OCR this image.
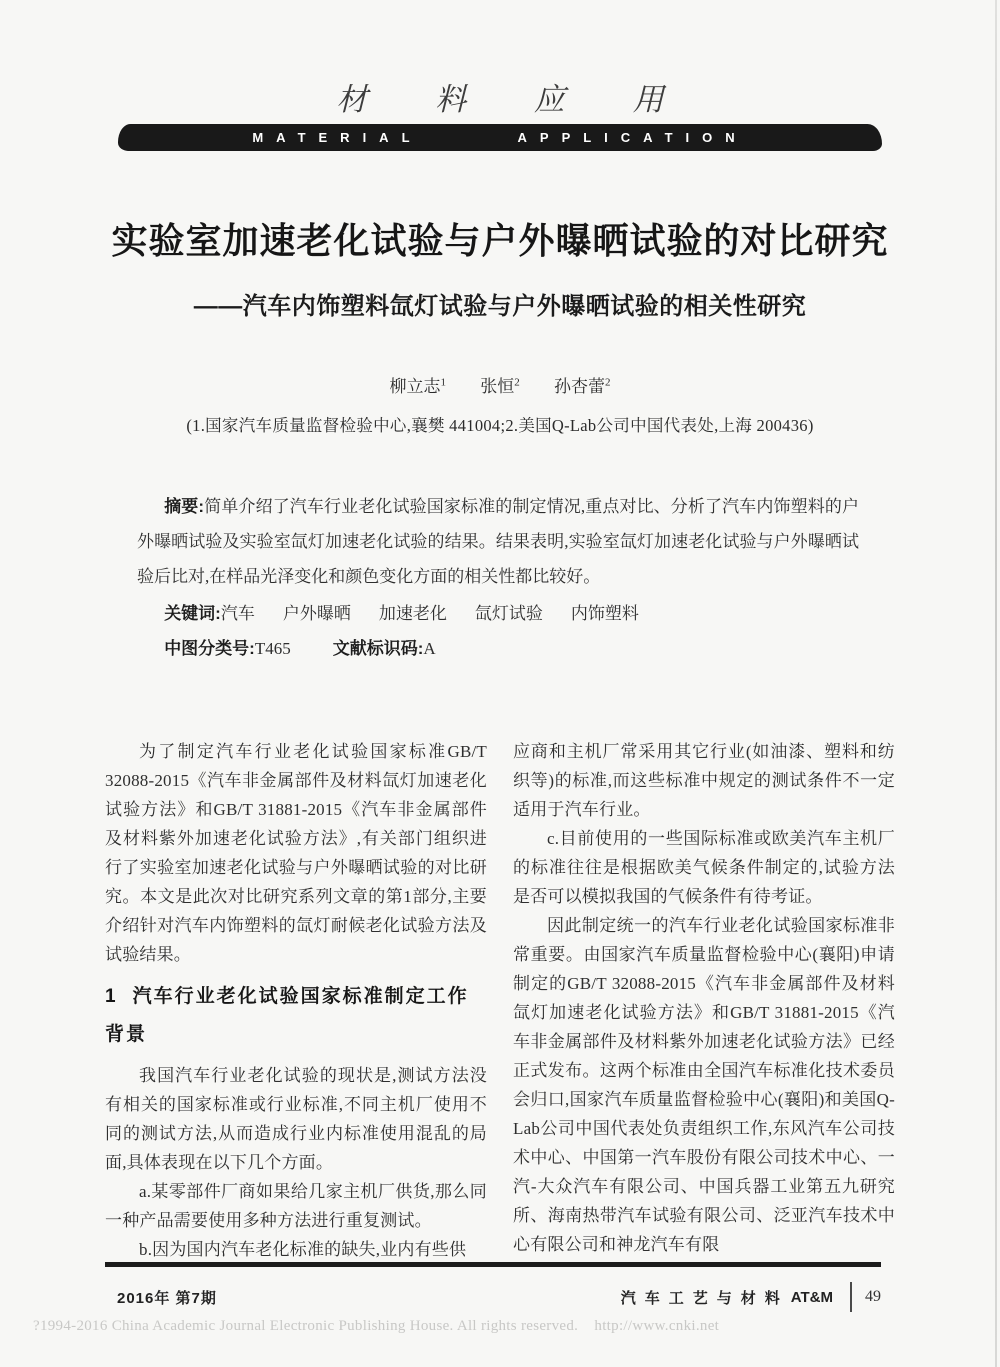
材 料 应 用
MATERIAL	APPLICATION
实验室加速老化试验与户外曝晒试验的对比研究
——汽车内饰塑料氙灯试验与户外曝晒试验的相关性研究
柳立志$^1$ 张恒$^2$ 孙杏蕾$^2$
(1.国家汽车质量监督检验中心,襄樊 441004;2.美国Q-Lab公司中国代表处,上海 200436)

摘要:简单介绍了汽车行业老化试验国家标准的制定情况,重点对比、分析了汽车内饰塑料的户外曝晒试验及实验室氙灯加速老化试验的结果。结果表明,实验室氙灯加速老化试验与户外曝晒试验后比对,在样品光泽变化和颜色变化方面的相关性都比较好。

关键词:汽车 户外曝晒 加速老化 氙灯试验 内饰塑料

中图分类号:T465 文献标识码:A

为了制定汽车行业老化试验国家标准GB/T 32088-2015《汽车非金属部件及材料氙灯加速老化试验方法》和GB/T 31881-2015《汽车非金属部件及材料紫外加速老化试验方法》,有关部门组织进行了实验室加速老化试验与户外曝晒试验的对比研究。本文是此次对比研究系列文章的第1部分,主要介绍针对汽车内饰塑料的氙灯耐候老化试验方法及试验结果。

1 汽车行业老化试验国家标准制定工作背景

我国汽车行业老化试验的现状是,测试方法没有相关的国家标准或行业标准,不同主机厂使用不同的测试方法,从而造成行业内标准使用混乱的局面,具体表现在以下几个方面。

a.某零部件厂商如果给几家主机厂供货,那么同一种产品需要使用多种方法进行重复测试。

b.因为国内汽车老化标准的缺失,业内有些供

应商和主机厂常采用其它行业(如油漆、塑料和纺织等)的标准,而这些标准中规定的测试条件不一定适用于汽车行业。

c.目前使用的一些国际标准或欧美汽车主机厂的标准往往是根据欧美气候条件制定的,试验方法是否可以模拟我国的气候条件有待考证。

因此制定统一的汽车行业老化试验国家标准非常重要。由国家汽车质量监督检验中心(襄阳)申请制定的GB/T 32088-2015《汽车非金属部件及材料氙灯加速老化试验方法》和GB/T 31881-2015《汽车非金属部件及材料紫外加速老化试验方法》已经正式发布。这两个标准由全国汽车标准化技术委员会归口,国家汽车质量监督检验中心(襄阳)和美国Q-Lab公司中国代表处负责组织工作,东风汽车公司技术中心、中国第一汽车股份有限公司技术中心、一汽-大众汽车有限公司、中国兵器工业第五九研究所、海南热带汽车试验有限公司、泛亚汽车技术中心有限公司和神龙汽车有限

2016年 第7期	汽车工艺与材料 AT&M 49
?1994-2016 China Academic Journal Electronic Publishing House. All rights reserved.    http://www.cnki.net
